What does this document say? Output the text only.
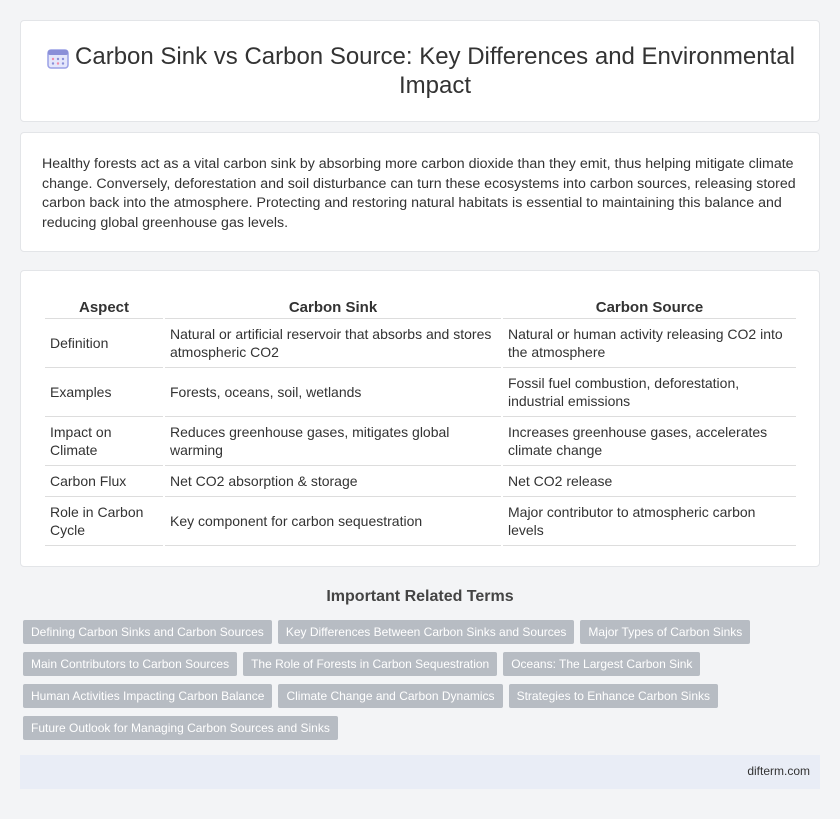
Carbon Sink vs Carbon Source: Key Differences and Environmental Impact

Healthy forests act as a vital carbon sink by absorbing more carbon dioxide than they emit, thus helping mitigate climate change. Conversely, deforestation and soil disturbance can turn these ecosystems into carbon sources, releasing stored carbon back into the atmosphere. Protecting and restoring natural habitats is essential to maintaining this balance and reducing global greenhouse gas levels.

Aspect	Carbon Sink	Carbon Source
Definition	Natural or artificial reservoir that absorbs and stores atmospheric CO2	Natural or human activity releasing CO2 into the atmosphere
Examples	Forests, oceans, soil, wetlands	Fossil fuel combustion, deforestation, industrial emissions
Impact on Climate	Reduces greenhouse gases, mitigates global warming	Increases greenhouse gases, accelerates climate change
Carbon Flux	Net CO2 absorption & storage	Net CO2 release
Role in Carbon Cycle	Key component for carbon sequestration	Major contributor to atmospheric carbon levels
Important Related Terms
Defining Carbon Sinks and Carbon Sources	Key Differences Between Carbon Sinks and Sources	Major Types of Carbon Sinks
Main Contributors to Carbon Sources	The Role of Forests in Carbon Sequestration	Oceans: The Largest Carbon Sink
Human Activities Impacting Carbon Balance	Climate Change and Carbon Dynamics	Strategies to Enhance Carbon Sinks
Future Outlook for Managing Carbon Sources and Sinks
difterm.com
